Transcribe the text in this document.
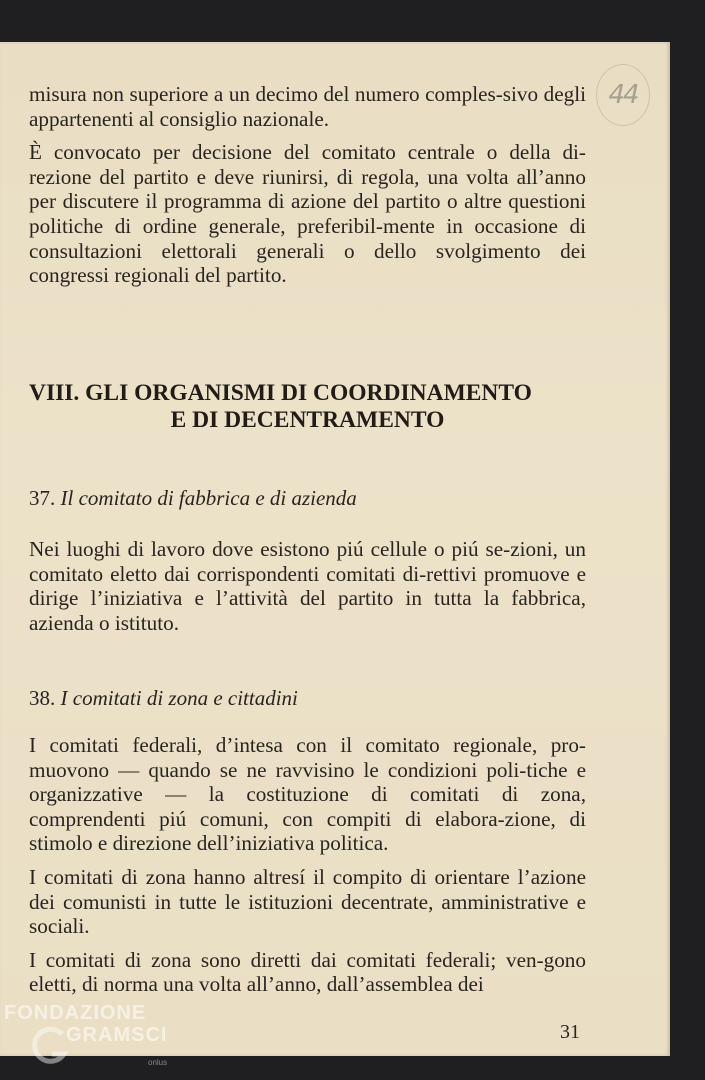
44

misura non superiore a un decimo del numero comples-sivo degli appartenenti al consiglio nazionale.

È convocato per decisione del comitato centrale o della di-rezione del partito e deve riunirsi, di regola, una volta all’anno per discutere il programma di azione del partito o altre questioni politiche di ordine generale, preferibil-mente in occasione di consultazioni elettorali generali o dello svolgimento dei congressi regionali del partito.

VIII. GLI ORGANISMI DI COORDINAMENTO
E DI DECENTRAMENTO
37. Il comitato di fabbrica e di azienda

Nei luoghi di lavoro dove esistono piú cellule o piú se-zioni, un comitato eletto dai corrispondenti comitati di-rettivi promuove e dirige l’iniziativa e l’attività del partito in tutta la fabbrica, azienda o istituto.

38. I comitati di zona e cittadini

I comitati federali, d’intesa con il comitato regionale, pro-muovono — quando se ne ravvisino le condizioni poli-tiche e organizzative — la costituzione di comitati di zona, comprendenti piú comuni, con compiti di elabora-zione, di stimolo e direzione dell’iniziativa politica.

I comitati di zona hanno altresí il compito di orientare l’azione dei comunisti in tutte le istituzioni decentrate, amministrative e sociali.

I comitati di zona sono diretti dai comitati federali; ven-gono eletti, di norma una volta all’anno, dall’assemblea dei

31
FONDAZIONE
GRAMSCI
onlus
